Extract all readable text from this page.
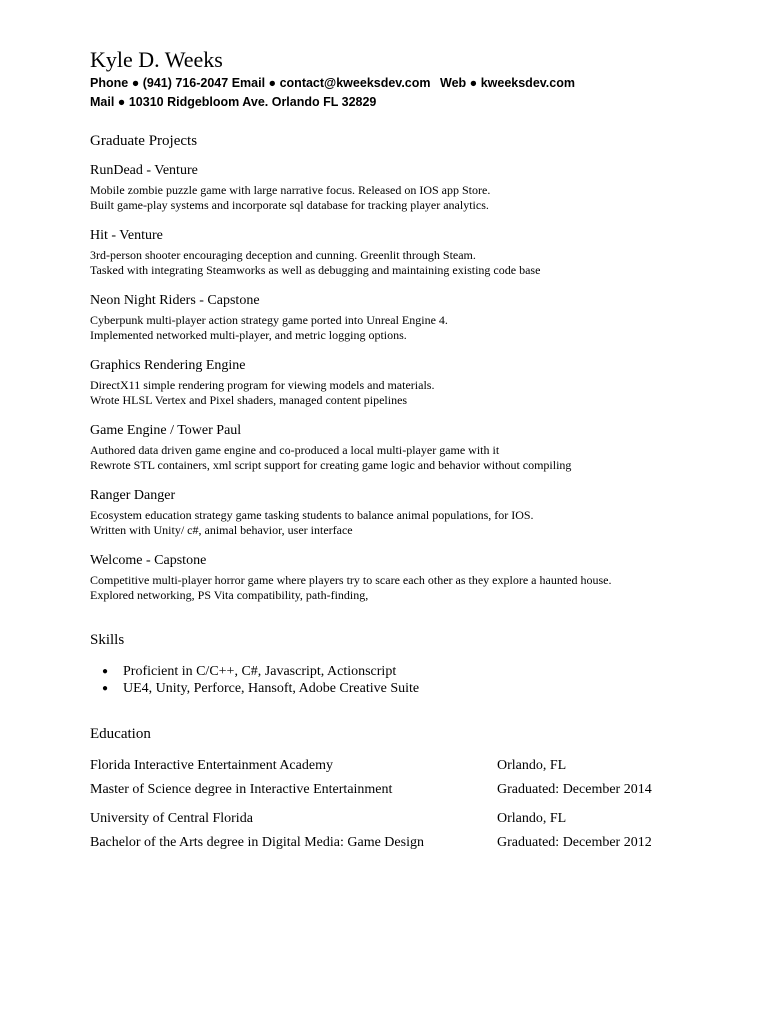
Kyle D. Weeks
Phone ● (941) 716-2047 Email ● contact@kweeksdev.com Web ● kweeksdev.com
Mail ● 10310 Ridgebloom Ave. Orlando FL 32829
Graduate Projects
RunDead - Venture

Mobile zombie puzzle game with large narrative focus. Released on IOS app Store.

Built game-play systems and incorporate sql database for tracking player analytics.

Hit - Venture

3rd-person shooter encouraging deception and cunning. Greenlit through Steam.

Tasked with integrating Steamworks as well as debugging and maintaining existing code base

Neon Night Riders - Capstone

Cyberpunk multi-player action strategy game ported into Unreal Engine 4.

Implemented networked multi-player, and metric logging options.

Graphics Rendering Engine

DirectX11 simple rendering program for viewing models and materials.

Wrote HLSL Vertex and Pixel shaders, managed content pipelines

Game Engine / Tower Paul

Authored data driven game engine and co-produced a local multi-player game with it

Rewrote STL containers, xml script support for creating game logic and behavior without compiling

Ranger Danger

Ecosystem education strategy game tasking students to balance animal populations, for IOS.

Written with Unity/ c#, animal behavior, user interface

Welcome - Capstone

Competitive multi-player horror game where players try to scare each other as they explore a haunted house.

Explored networking, PS Vita compatibility, path-finding,

Skills
● Proficient in C/C++, C#, Javascript, Actionscript
● UE4, Unity, Perforce, Hansoft, Adobe Creative Suite
Education
Florida Interactive Entertainment Academy	Orlando, FL
Master of Science degree in Interactive Entertainment	Graduated: December 2014
University of Central Florida	Orlando, FL
Bachelor of the Arts degree in Digital Media: Game Design	Graduated: December 2012
